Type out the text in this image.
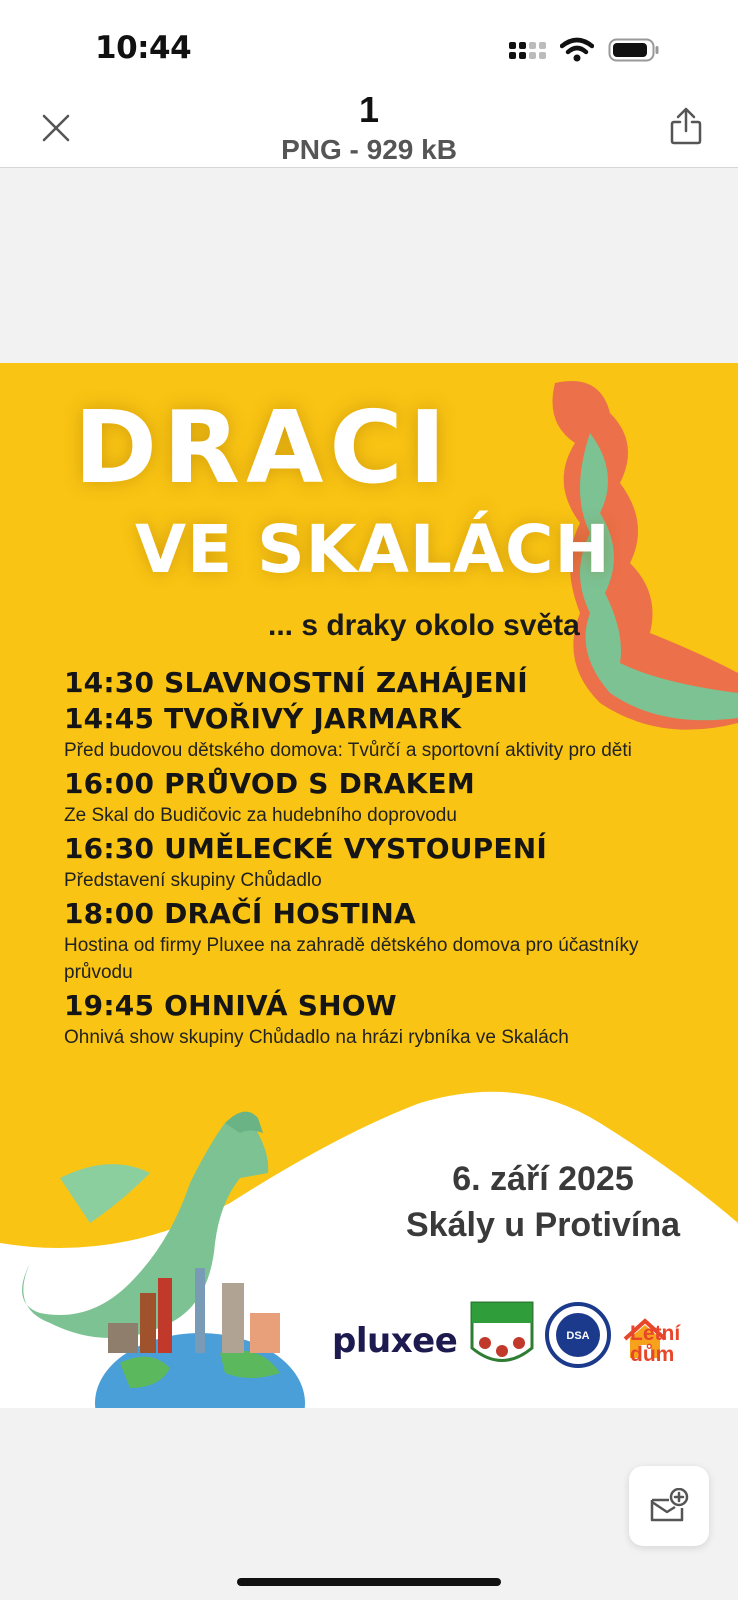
10:44
1
PNG - 929 kB
DRACI
VE SKALÁCH
... s draky okolo světa
14:30 SLAVNOSTNÍ ZAHÁJENÍ
14:45 TVOŘIVÝ JARMARK
Před budovou dětského domova: Tvůrčí a sportovní aktivity pro děti
16:00 PRŮVOD S DRAKEM
Ze Skal do Budičovic za hudebního doprovodu
16:30 UMĚLECKÉ VYSTOUPENÍ
Představení skupiny Chůdadlo
18:00 DRAČÍ HOSTINA
Hostina od firmy Pluxee na zahradě dětského domova pro účastníky průvodu
19:45 OHNIVÁ SHOW
Ohnivá show skupiny Chůdadlo na hrázi rybníka ve Skalách
6. září 2025
Skály u Protivína
pluxee	DSA Letní
dům
